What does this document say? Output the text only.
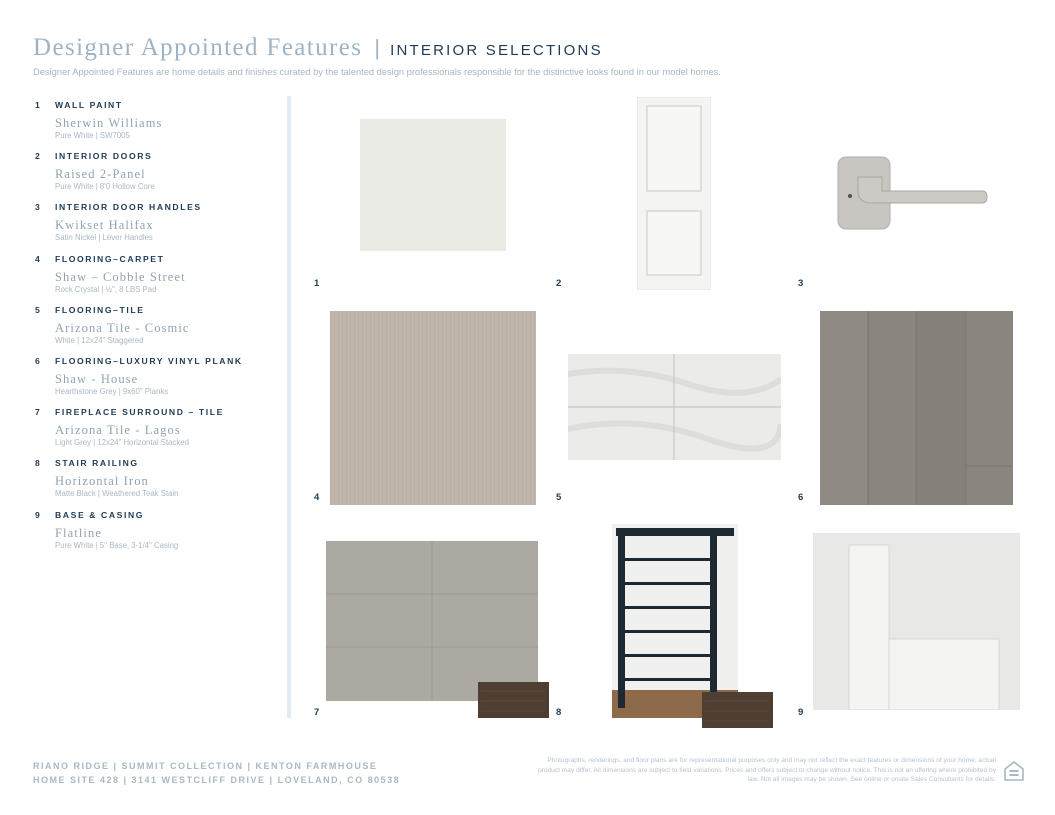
Designer Appointed Features | INTERIOR SELECTIONS
Designer Appointed Features are home details and finishes curated by the talented design professionals responsible for the distinctive looks found in our model homes.
1	WALL PAINT
Sherwin Williams
Pure White | SW7005
2	INTERIOR DOORS
Raised 2-Panel
Pure White | 8'0 Hollow Core
3	INTERIOR DOOR HANDLES
Kwikset Halifax
Satin Nickel | Lever Handles
4	FLOORING–CARPET
Shaw – Cobble Street
Rock Crystal | ½", 8 LBS Pad
5	FLOORING–TILE
Arizona Tile - Cosmic
White | 12x24" Staggered
6	FLOORING–LUXURY VINYL PLANK
Shaw - House
Hearthstone Grey | 9x60" Planks
7	FIREPLACE SURROUND – TILE
Arizona Tile - Lagos
Light Grey | 12x24" Horizontal Stacked
8	STAIR RAILING
Horizontal Iron
Matte Black | Weathered Teak Stain
9	BASE & CASING
Flatline
Pure White | 5" Base, 3-1/4" Casing
1	2	3
4	5	6
7	8	9
RIANO RIDGE | SUMMIT COLLECTION | KENTON FARMHOUSE
HOME SITE 428 | 3141 WESTCLIFF DRIVE | LOVELAND, CO 80538
Photographs, renderings, and floor plans are for representational purposes only and may not reflect the exact features or dimensions of your home; actual product may differ. All dimensions are subject to field variations. Prices and offers subject to change without notice. This is not an offering where prohibited by law. Not all images may be shown. See online or onsite Sales Consultants for details.
